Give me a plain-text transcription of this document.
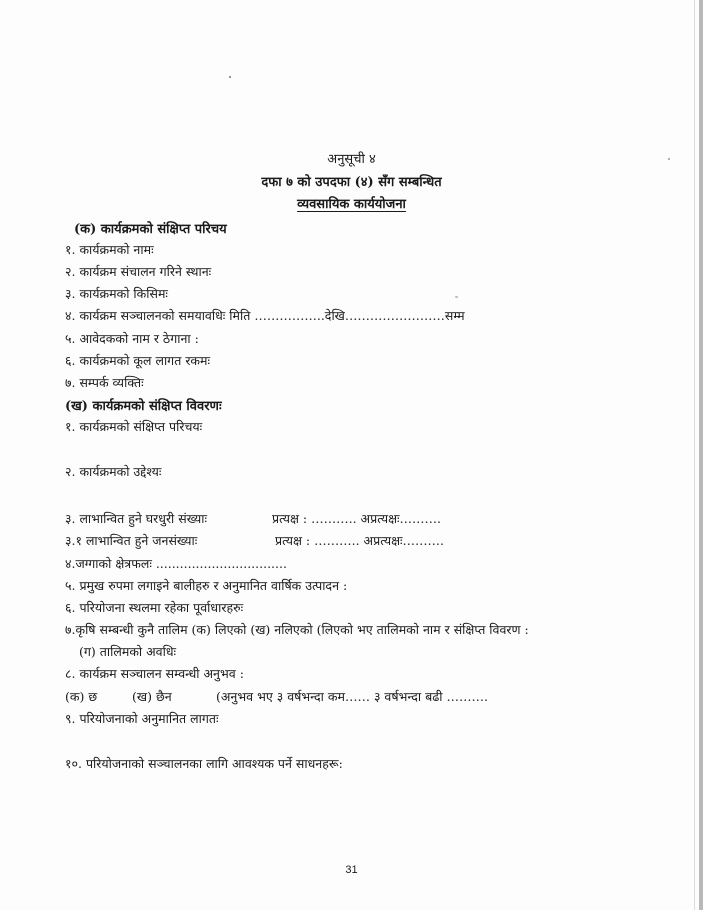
अनुसूची ४
दफा ७ को उपदफा (४) सँग सम्बन्धित
व्यवसायिक कार्ययोजना
(क) कार्यक्रमको संक्षिप्त परिचय
१. कार्यक्रमको नामः
२. कार्यक्रम संचालन गरिने स्थानः
३. कार्यक्रमको किसिमः
४. कार्यक्रम सञ्चालनको समयावधिः मिति ……………..देखि……………………सम्म
५. आवेदकको नाम र ठेगाना :
६. कार्यक्रमको कूल लागत रकमः
७. सम्पर्क व्यक्तिः
(ख) कार्यक्रमको संक्षिप्त विवरणः
१. कार्यक्रमको संक्षिप्त परिचयः
२. कार्यक्रमको उद्देश्यः
३. लाभान्वित हुने घरधुरी संख्याः	प्रत्यक्ष : ……….. अप्रत्यक्षः……….
३.१ लाभान्वित हुने जनसंख्याः	प्रत्यक्ष : ……….. अप्रत्यक्षः……….
४.जग्गाको क्षेत्रफलः .................................
५. प्रमुख रुपमा लगाइने बालीहरु र अनुमानित वार्षिक उत्पादन :
६. परियोजना स्थलमा रहेका पूर्वाधारहरुः
७.कृषि सम्बन्धी कुनै तालिम (क) लिएको (ख) नलिएको (लिएको भए तालिमको नाम र संक्षिप्त विवरण :
(ग) तालिमको अवधिः
८. कार्यक्रम सञ्चालन सम्वन्धी अनुभव :
(क) छ	(ख) छैन	(अनुभव भए ३ वर्षभन्दा कम…… ३ वर्षभन्दा बढी ……….
९. परियोजनाको अनुमानित लागतः
१०. परियोजनाको सञ्चालनका लागि आवश्यक पर्ने साधनहरू:
31
